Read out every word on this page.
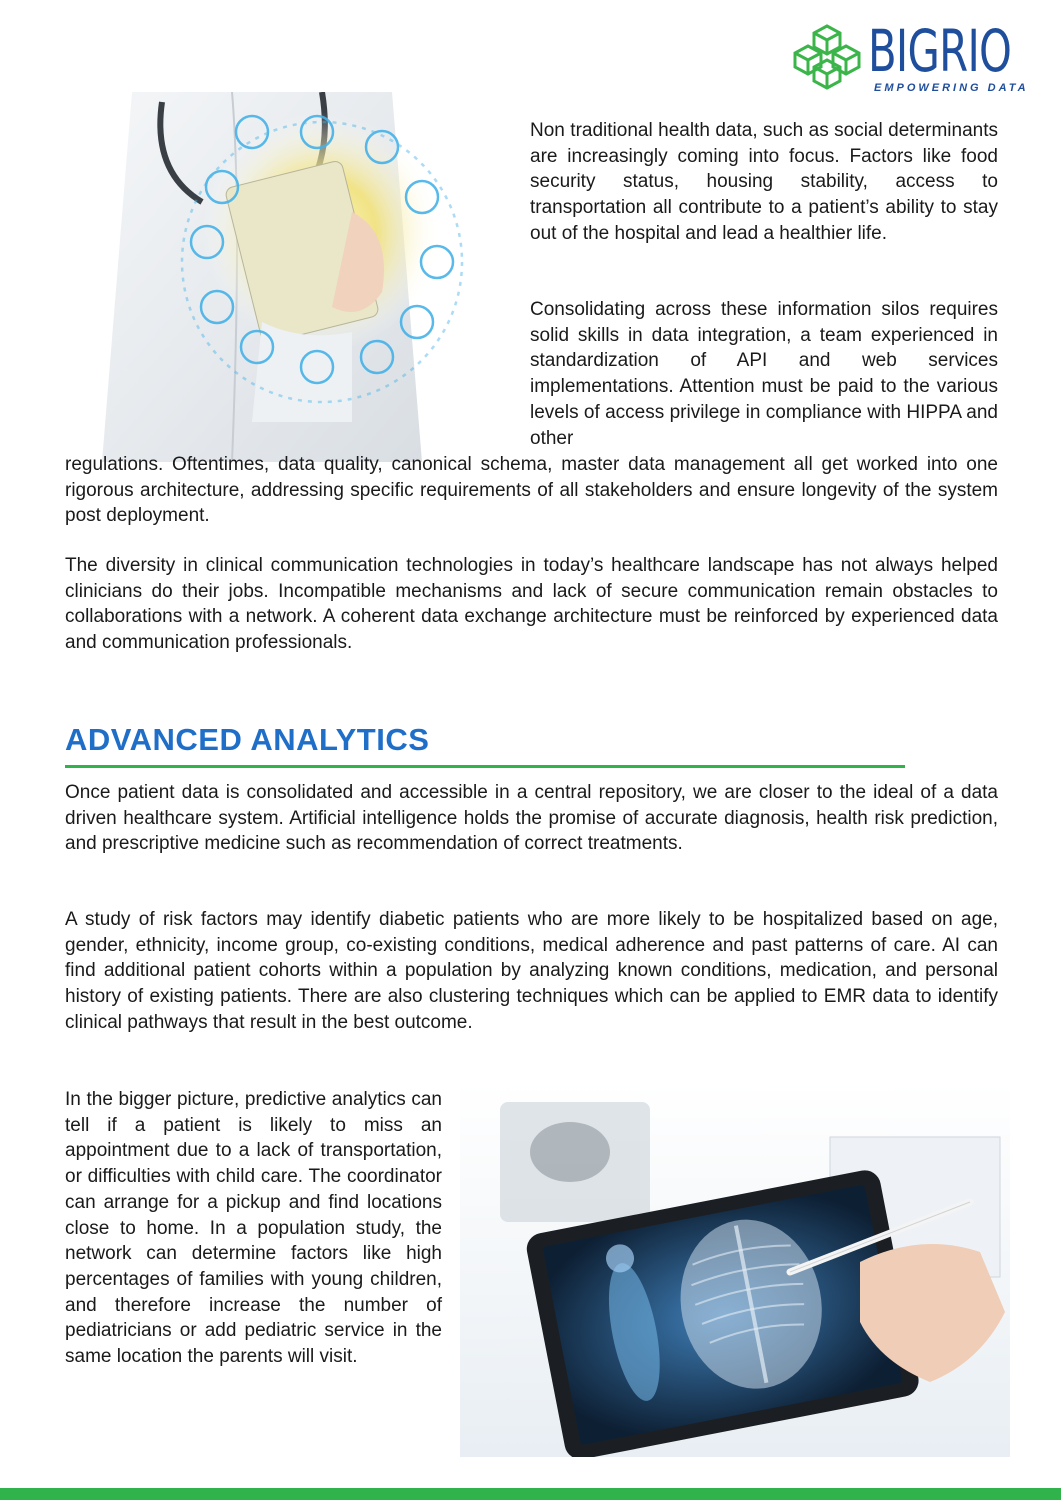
BIGRIO
EMPOWERING DATA

Non traditional health data, such as social determinants are increasingly coming into focus. Factors like food security status, housing stability, access to transportation all contribute to a patient’s ability to stay out of the hospital and lead a healthier life.

Consolidating across these information silos requires solid skills in data integration, a team experienced in standardization of API and web services implementations. Attention must be paid to the various levels of access privilege in compliance with HIPPA and other

regulations. Oftentimes, data quality, canonical schema, master data management all get worked into one rigorous architecture, addressing specific requirements of all stakeholders and ensure longevity of the system post deployment.

The diversity in clinical communication technologies in today’s healthcare landscape has not always helped clinicians do their jobs. Incompatible mechanisms and lack of secure communication remain obstacles to collaborations with a network. A coherent data exchange architecture must be reinforced by experienced data and communication professionals.

ADVANCED ANALYTICS

Once patient data is consolidated and accessible in a central repository, we are closer to the ideal of a data driven healthcare system. Artificial intelligence holds the promise of accurate diagnosis, health risk prediction, and prescriptive medicine such as recommendation of correct treatments.

A study of risk factors may identify diabetic patients who are more likely to be hospitalized based on age, gender, ethnicity, income group, co-existing conditions, medical adherence and past patterns of care. AI can find additional patient cohorts within a population by analyzing known conditions, medication, and personal history of existing patients. There are also clustering techniques which can be applied to EMR data to identify clinical pathways that result in the best outcome.

In the bigger picture, predictive analytics can tell if a patient is likely to miss an appointment due to a lack of transportation, or difficulties with child care. The coordinator can arrange for a pickup and find locations close to home. In a population study, the network can determine factors like high percentages of families with young children, and therefore increase the number of pediatricians or add pediatric service in the same location the parents will visit.
